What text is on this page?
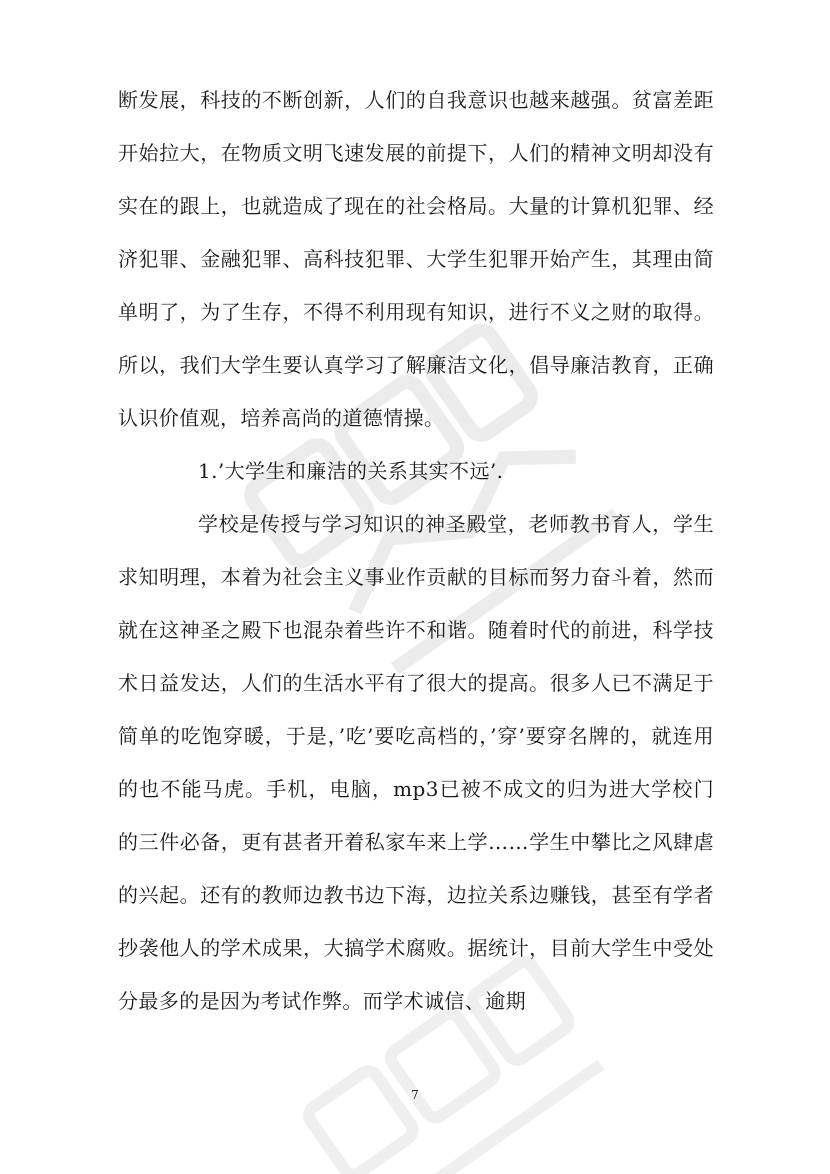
断发展，科技的不断创新，人们的自我意识也越来越强。贫富差距开始拉大，在物质文明飞速发展的前提下，人们的精神文明却没有实在的跟上，也就造成了现在的社会格局。大量的计算机犯罪、经济犯罪、金融犯罪、高科技犯罪、大学生犯罪开始产生，其理由简单明了，为了生存，不得不利用现有知识，进行不义之财的取得。所以，我们大学生要认真学习了解廉洁文化，倡导廉洁教育，正确认识价值观，培养高尚的道德情操。

1.’大学生和廉洁的关系其实不远’.

学校是传授与学习知识的神圣殿堂，老师教书育人，学生求知明理，本着为社会主义事业作贡献的目标而努力奋斗着，然而就在这神圣之殿下也混杂着些许不和谐。随着时代的前进，科学技术日益发达，人们的生活水平有了很大的提高。很多人已不满足于简单的吃饱穿暖，于是，’吃’要吃高档的，’穿’要穿名牌的，就连用的也不能马虎。手机，电脑，mp3已被不成文的归为进大学校门的三件必备，更有甚者开着私家车来上学……学生中攀比之风肆虐的兴起。还有的教师边教书边下海，边拉关系边赚钱，甚至有学者抄袭他人的学术成果，大搞学术腐败。据统计，目前大学生中受处分最多的是因为考试作弊。而学术诚信、逾期

7
